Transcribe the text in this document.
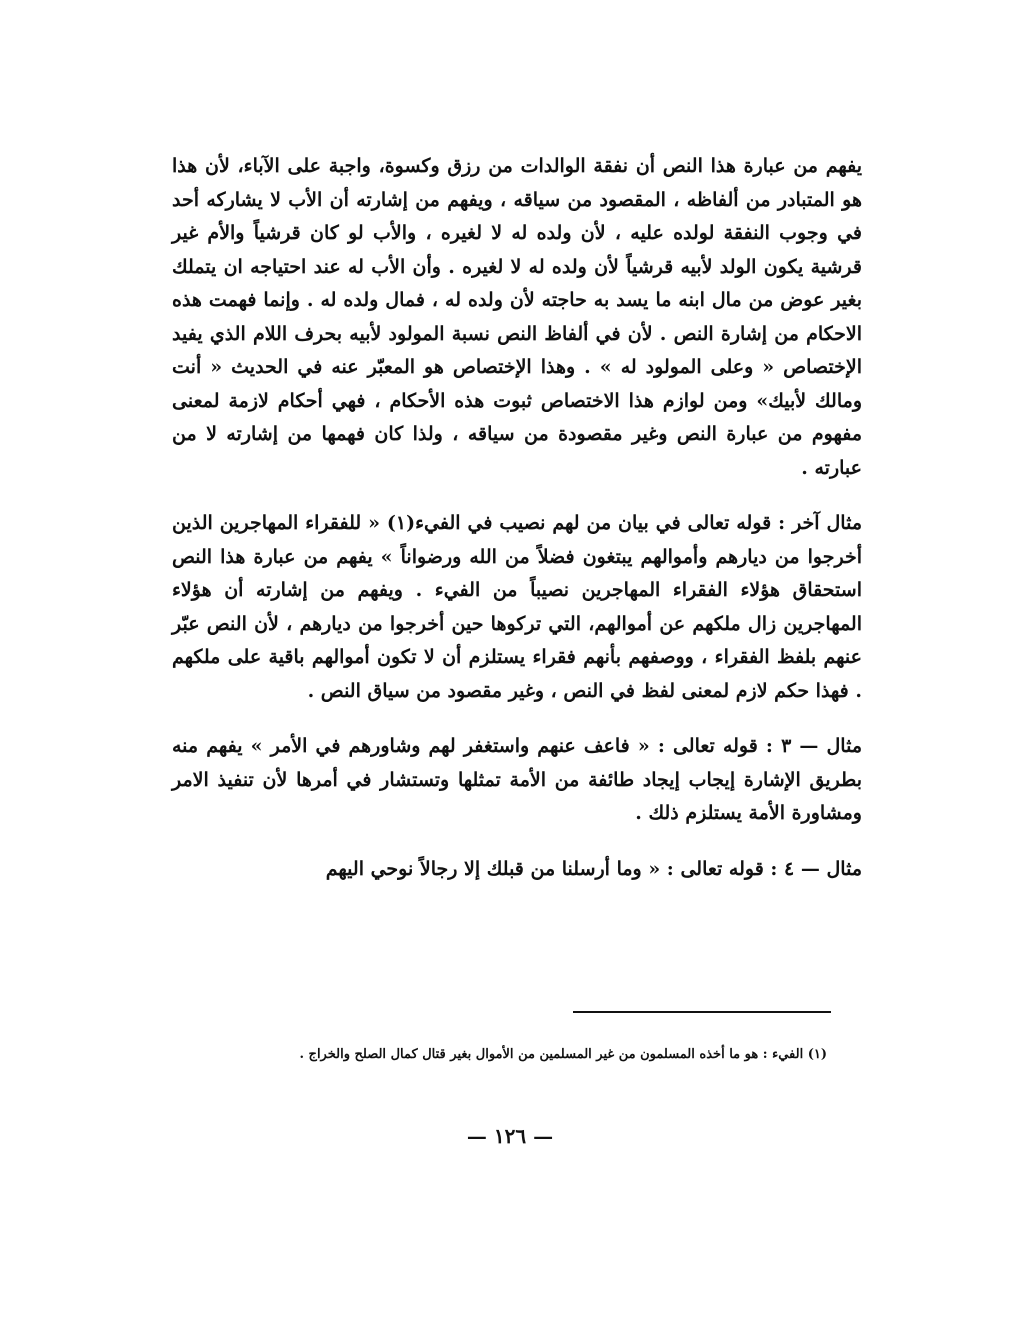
يفهم من عبارة هذا النص أن نفقة الوالدات من رزق وكسوة، واجبة على الآباء، لأن هذا هو المتبادر من ألفاظه ، المقصود من سياقه ، ويفهم من إشارته أن الأب لا يشاركه أحد في وجوب النفقة لولده عليه ، لأن ولده له لا لغيره ، والأب لو كان قرشياً والأم غير قرشية يكون الولد لأبيه قرشياً لأن ولده له لا لغيره . وأن الأب له عند احتياجه ان يتملك بغير عوض من مال ابنه ما يسد به حاجته لأن ولده له ، فمال ولده له . وإنما فهمت هذه الاحكام من إشارة النص . لأن في ألفاظ النص نسبة المولود لأبيه بحرف اللام الذي يفيد الإختصاص « وعلى المولود له » . وهذا الإختصاص هو المعبّر عنه في الحديث « أنت ومالك لأبيك» ومن لوازم هذا الاختصاص ثبوت هذه الأحكام ، فهي أحكام لازمة لمعنى مفهوم من عبارة النص وغير مقصودة من سياقه ، ولذا كان فهمها من إشارته لا من عبارته .

مثال آخر : قوله تعالى في بيان من لهم نصيب في الفيء(١) « للفقراء المهاجرين الذين أخرجوا من ديارهم وأموالهم يبتغون فضلاً من الله ورضواناً » يفهم من عبارة هذا النص استحقاق هؤلاء الفقراء المهاجرين نصيباً من الفيء . ويفهم من إشارته أن هؤلاء المهاجرين زال ملكهم عن أموالهم، التي تركوها حين أخرجوا من ديارهم ، لأن النص عبّر عنهم بلفظ الفقراء ، ووصفهم بأنهم فقراء يستلزم أن لا تكون أموالهم باقية على ملكهم . فهذا حكم لازم لمعنى لفظ في النص ، وغير مقصود من سياق النص .

مثال — ٣ : قوله تعالى : « فاعف عنهم واستغفر لهم وشاورهم في الأمر » يفهم منه بطريق الإشارة إيجاب إيجاد طائفة من الأمة تمثلها وتستشار في أمرها لأن تنفيذ الامر ومشاورة الأمة يستلزم ذلك .

مثال — ٤ : قوله تعالى : « وما أرسلنا من قبلك إلا رجالاً نوحي اليهم

(١) الفيء : هو ما أخذه المسلمون من غير المسلمين من الأموال بغير قتال كمال الصلح والخراج .

— ١٢٦ —
